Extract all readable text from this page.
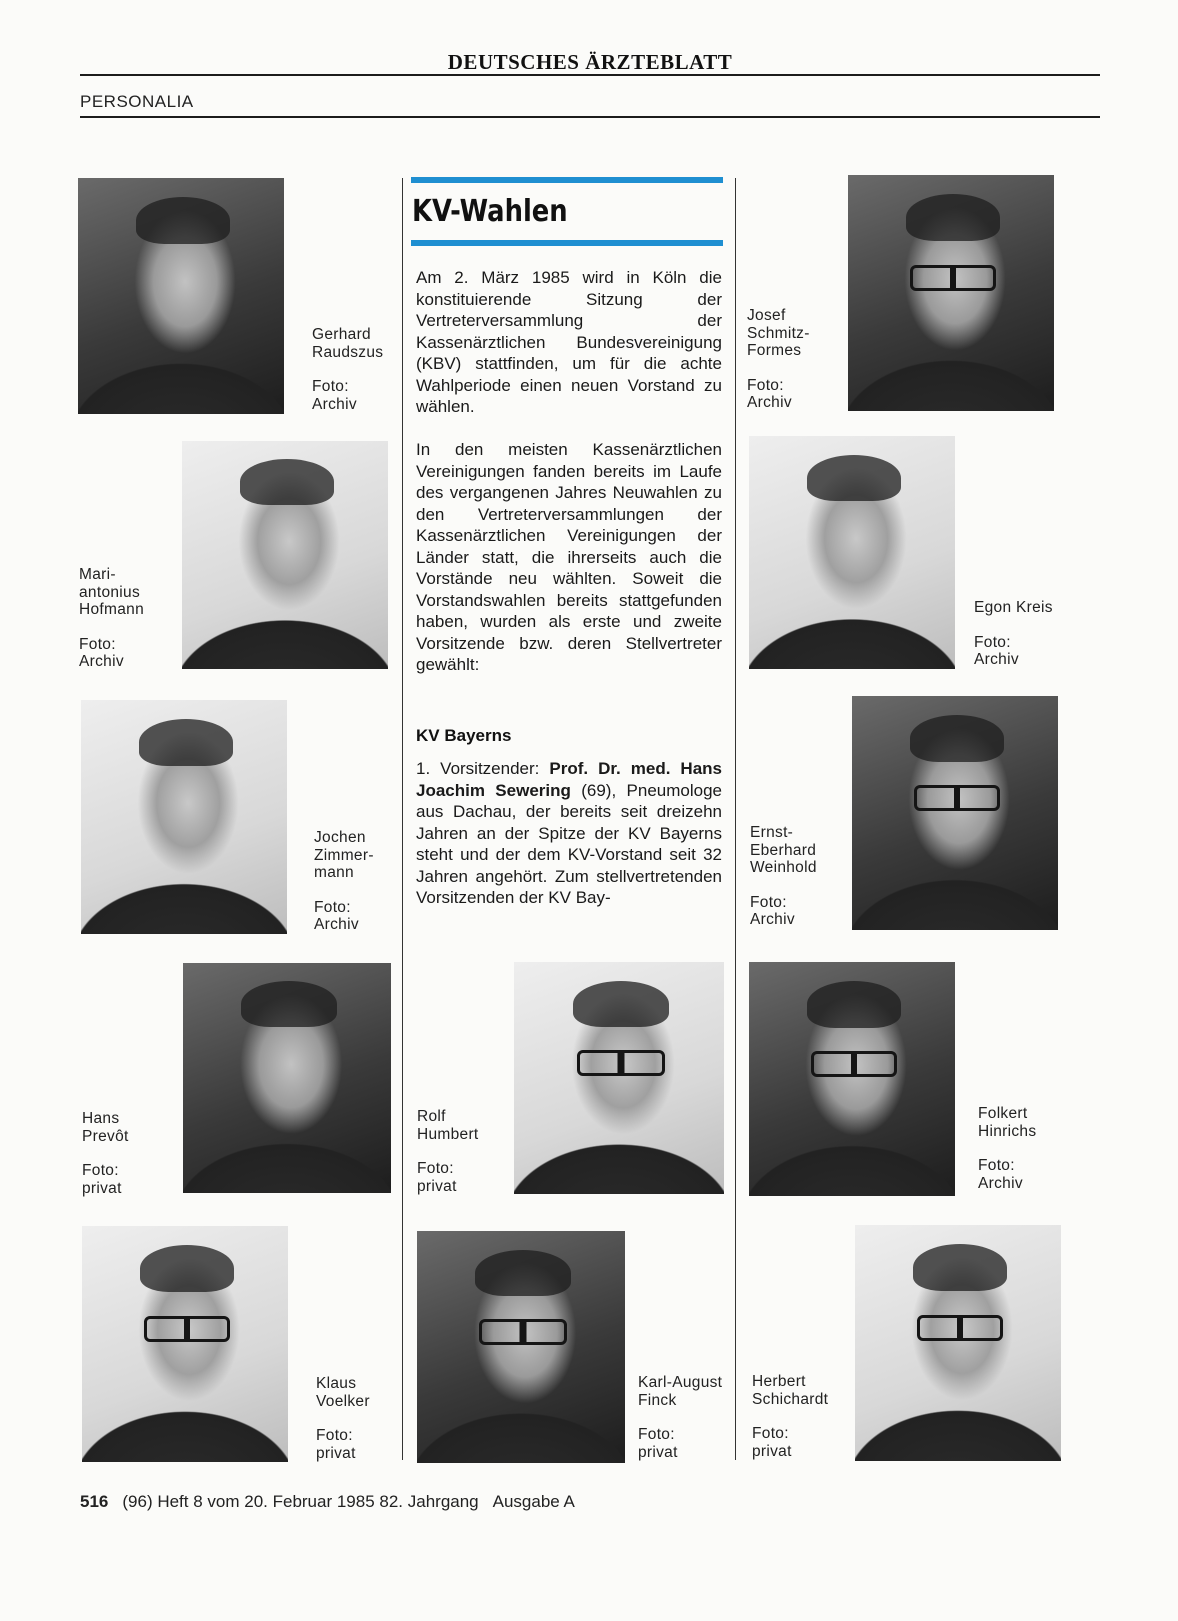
DEUTSCHES ÄRZTEBLATT
PERSONALIA
Gerhard
Raudszus
Foto:
Archiv
Mari-
antonius
Hofmann
Foto:
Archiv
Jochen
Zimmer-
mann
Foto:
Archiv
Hans
Prevôt
Foto:
privat
Klaus
Voelker
Foto:
privat
KV-Wahlen

Am 2. März 1985 wird in Köln die konstituierende Sitzung der Vertreterversammlung der Kassenärztlichen Bundesvereinigung (KBV) stattfinden, um für die achte Wahlperiode einen neuen Vorstand zu wählen.

In den meisten Kassenärztlichen Vereinigungen fanden bereits im Laufe des vergangenen Jahres Neuwahlen zu den Vertreterversammlungen der Kassenärztlichen Vereinigungen der Länder statt, die ihrerseits auch die Vorstände neu wählten. Soweit die Vorstandswahlen bereits stattgefunden haben, wurden als erste und zweite Vorsitzende bzw. deren Stellvertreter gewählt:

KV Bayerns

1. Vorsitzender: Prof. Dr. med. Hans Joachim Sewering (69), Pneumologe aus Dachau, der bereits seit dreizehn Jahren an der Spitze der KV Bayerns steht und der dem KV-Vorstand seit 32 Jahren angehört. Zum stellvertretenden Vorsitzenden der KV Bay-

Rolf
Humbert
Foto:
privat
Karl-August
Finck
Foto:
privat
Josef
Schmitz-
Formes
Foto:
Archiv
Egon Kreis
Foto:
Archiv
Ernst-
Eberhard
Weinhold
Foto:
Archiv
Folkert
Hinrichs
Foto:
Archiv
Herbert
Schichardt
Foto:
privat
516 (96) Heft 8 vom 20. Februar 1985 82. Jahrgang Ausgabe A
